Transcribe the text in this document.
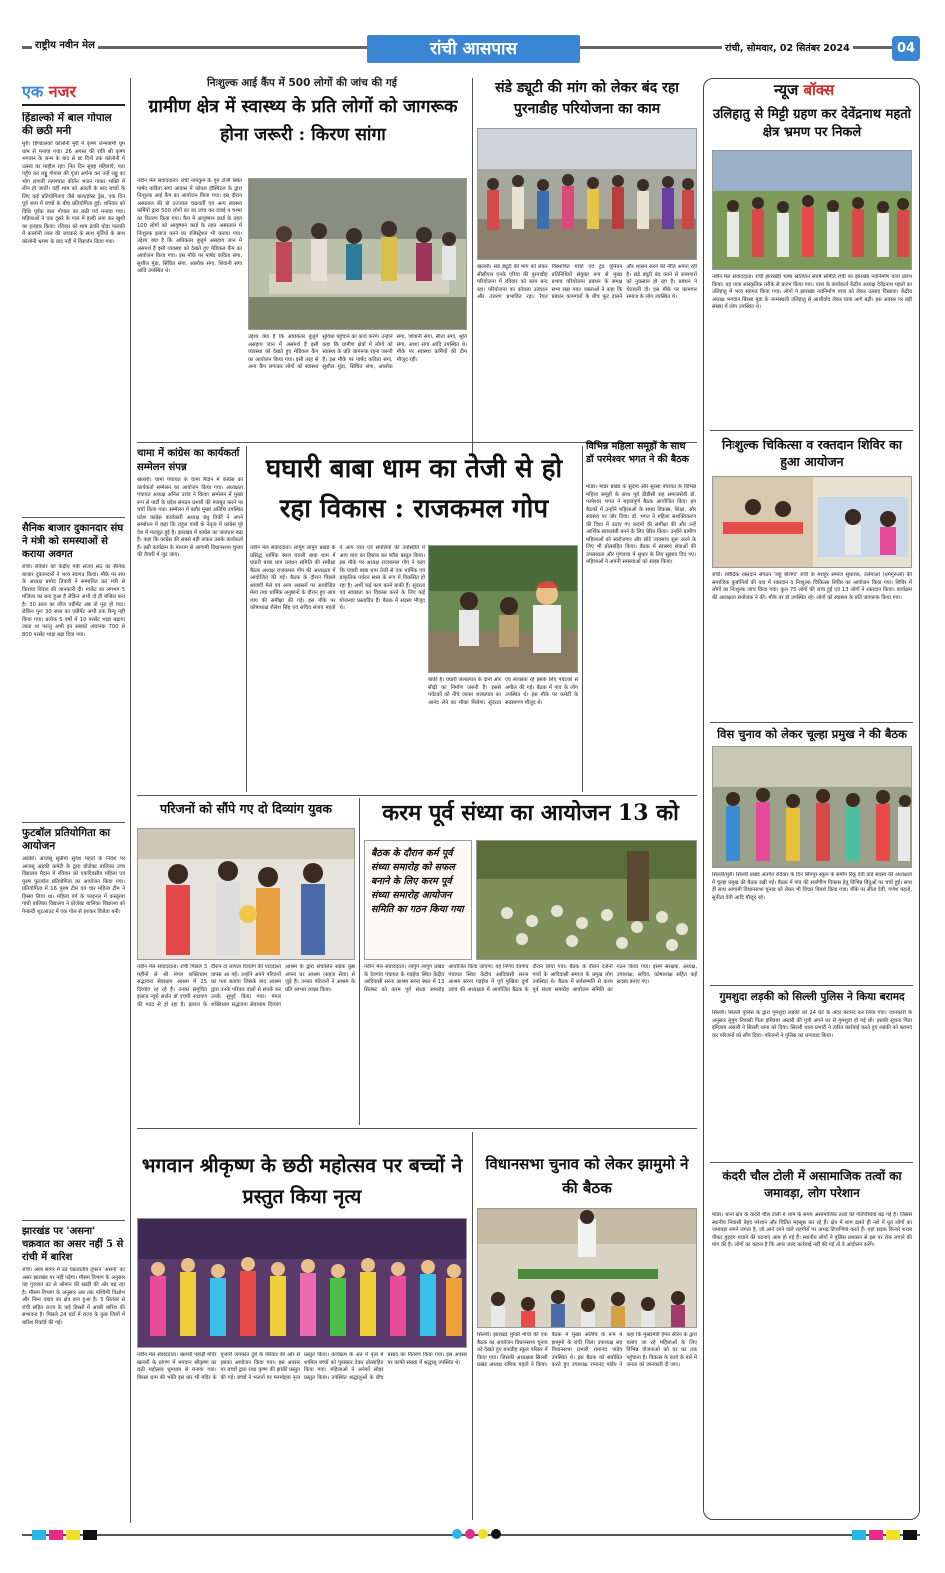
राष्ट्रीय नवीन मेल	रांची आसपास	रांची, सोमवार, 02 सितंबर 2024	04
एक नजर
हिंडाल्को में बाल गोपाल की छठी मनी
मुरी। हिण्डालको कोलोनी मुरी में कृष्ण जन्माष्टमी धूम धाम से मनाया गया। 26 अगस्त की रात्रि श्री कृष्ण भगवान के जन्म के बाद से छः दिनों तक कोलोनी में उत्सव का माहौल रहा। नित दिन सुबह महिलाएँ, पता पहुँच कर लड्डू गोपाल की पूजा अर्चना कर उन्हें लड्डू का भोग लगातीं तत्पश्चात कीर्तन भजन गाकर भक्ति में लीन हो जातीं। वहीं शाम को आरती के बाद बच्चों के लिए कई प्रतियोगिताएं जैसे बाल/होस्ट ड्रेस, एक दिन पूर्व शाम में बच्चों के बीच प्रतियोगिता हुई। शनिवार को विधि पूर्वक बाल गोपाल का छठी पर्व मनाया गया। महिलाओं ने एक दूसरे के गाल में हल्दी लगा कर खुशी का इजहार किया। रविवार को शाम ढाकी थोड़ा पालकी में कालोनी लाल की जयकारे के साथ मूर्तियों के साथ कोलोनी भ्रमण के बाद नदी में विसर्जन किया गया।
सैनिक बाजार दुकानदार संघ ने मंत्री को समस्याओं से कराया अवगत
रांची। रविवार को केंद्रीय मंत्री संजय सेठ का सैनिक बाजार दुकानदारों ने भव्य स्वागत किया। मौके पर संघ के अध्यक्ष प्रमोद तिवारी ने सम्मानित कर मंत्री से किराया विवाद की जानकारी दी। मार्केट का लगभग 5 मंजिला का बना हुआ है लेकिन अभी दो ही मंजिल बना है। 30 साल का लीज एग्रीमेंट अब तो पूरा हो गया। लेकिन पुनः 30 साल का एग्रीमेंट अभी तक रिन्यू नहीं किया गया। प्रत्येक 5 वर्षों में 10 परसेंट भाड़ा बढ़ाया जाता था परन्तु अभी इन सबको अचानक 700 से 800 परसेंट भाड़ा बढ़ा दिया गया।
फुटबॉल प्रतियोगिता का आयोजन
अड़की। आजसू सुप्रीमो सुदेश महतो के निर्देश पर आजसू अड़की कमेटी के द्वारा प्रोजेक्ट बालिका उच्च विद्यालय मैदान में रविवार को एकदिवसीय महिला एवं पुरुष फुटबॉल प्रतियोगिता का आयोजन किया गया। प्रतियोगिता में 16 पुरुष टीम एवं चार महिला टीम ने हिस्सा लिया था। महिला वर्ग के फाइनल में कस्तूरबा गांधी बालिका विद्यालय ने प्रोजेक्ट बालिका विद्यालय को पेनाल्टी शूटआउट में एक गोल से हराकर विजेता बनी।
झारखंड पर 'असना' चक्रवात का असर नहीं 5 से रांची में बारिश
रांची। अरब सागर में उठे चक्रवातीय तूफान 'असना' का असर झारखंड पर नहीं पड़ेगा। मौसम विभाग के अनुसार यह गुजरात तट से ओमान की खाड़ी की ओर बढ़ रहा है। मौसम विभाग के अनुसार अब तक पश्चिमी विक्षोभ और निम्न दबाव का क्षेत्र बना हुआ है। 5 सितंबर से रांची सहित राज्य के कई हिस्सों में अच्छी बारिश की संभावना है। पिछले 24 घंटों में राज्य के कुछ जिलों में बारिश रिकॉर्ड की गई।
निःशुल्क आई कैंप में 500 लोगों की जांच की गई
ग्रामीण क्षेत्र में स्वास्थ्य के प्रति लोगों को जागरूक होना जरूरी : किरण सांगा
नवीन मेल संवाददाता। रांची नामकुम के गुरु टोली स्थित पार्षद कविता संगा आवास में कोयल हॉस्पिटल के द्वारा निःशुल्क आई कैंप का आयोजन किया गया। इस दौरान अस्पताल की डॉ उज्ज्वल चक्रवर्ती एवं अन्य स्वास्थ्य कर्मियों द्वारा 500 लोगों का का जांच कर दवाई व चश्मा का वितरण किया गया। कैंप में आयुष्मान कार्ड के तहत 100 लोगों को आयुष्मान कार्ड के तहत अस्पताल में निःशुल्क इलाज करने का रजिस्ट्रेशन भी कराया गया। उद्देश्य क्या है कि अधिकतर बुजुर्ग असहाय जान में असमर्थ हैं इसी व्यवस्था को देखते हुए मेडिकल कैंप का आयोजन किया गया। इस मौके पर पार्षद कविता संगा, सुशील मुंडा, सिंचित संगा, आलोक संगा, शिवानी संगा आदि उपस्थित थे।
उद्देश्य क्या है कि अधिकतर बुजुर्ग असहाय जान में असमर्थ हैं इसी व्यवस्था को देखते हुए मेडिकल कैंप का आयोजन किया गया। इसी तरह से अन्य कैंप लगाकर लोगों को स्वास्थ्य सुविधा पहुंचाने का कार्य करेंगे। उन्होंने कहा कि ग्रामीण क्षेत्रों में लोगों को स्वास्थ्य के प्रति जागरूक रहना जरूरी है। इस मौके पर पार्षद कविता संगा, सुशील मुंडा, सिंचित संगा, आलोक संगा, शिवानी संगा, सीता संगा, श्रुति संगा, आशा संगा आदि उपस्थित थे। मौके पर स्वास्थ्य कर्मियों की टीम मौजूद रही।
संडे ड्यूटी की मांग को लेकर बंद रहा पुरनाडीह परियोजना का काम
खलारी। संडे ड्यूटी की मांग को लेकर सीसीएल एनके एरिया की पुरनाडीह परियोजना में रविवार को काम बन्द रहा। परियोजना का कोयला उत्पादन और उत्तरण प्रभावित रहा। रैयत विस्थापित मोर्चा एवं ट्रेड यूनियन प्रतिनिधियों संयुक्त रूप से मुख्य प्रभाव परियोजना प्रबंधन के समक्ष सभा रखा गया। वक्ताओं ने कहा कि प्रबंधन कामगारों के बीच फूट डालने और शासन करने की नीति अपना रही है। संडे ड्यूटी बंद करने से कामगारों को नुकसान हो रहा है। प्रबंधन ने चेतावनी दी। इस मौके पर कामगार समाज के लोग उपस्थित थे।
चामा में कांग्रेस का कार्यकर्ता सम्मेलन संपन्न
खलारी। चामा पंचायत के चामा मैदान में कांग्रेस का कार्यकर्ता सम्मेलन का आयोजन किया गया। अध्यक्षता पंचायत अध्यक्ष अनिल उरांव ने किया। सम्मेलन में मुख्य रूप से पार्टी के प्रदेश संगठन प्रभारी की मजबूत करने पर चर्चा किया गया। सम्मेलन में बतौर मुख्य अतिथि उपस्थित प्रदेश कांग्रेस कार्यकारी अध्यक्ष बंधु तिर्की ने अपने सम्बोधन में कहा कि राहुल गांधी के नेतृत्व में कांग्रेस पूरे देश में मजबूत हुई है। झारखंड में कांग्रेस का जनाधार बढ़ा है। कहा कि कांग्रेस की सबसे बड़ी ताकत उसके कार्यकर्ता हैं। इसी कार्यक्रम के माध्यम से आगामी विधानसभा चुनाव की तैयारी में जुट जाएं।
घघारी बाबा धाम का तेजी से हो रहा विकास : राजकमल गोप
नवीन मेल संवाददाता। लापुंग लापुंग प्रखंड के प्रसिद्ध धार्मिक स्थल घघारी बाबा धाम में घघारी बाबा धाम प्रबंधन समिति की समीक्षा बैठक अध्यक्ष राजकमल गोप की अध्यक्षता में आयोजित की गई। बैठक के दौरान पिछले श्रावणी मेले एवं अन्य अवसरों पर आयोजित मेला तथा धार्मिक अनुष्ठानों के दौरान हुए आय व्यय की समीक्षा की गई। इस मौके पर कोषाध्यक्ष शैलेश सिंह एवं सचिव संजय महतो ने आय व्यय एवं संपत्तियों की उपस्थिति में आय व्यय का हिसाब कर ब्यौरा प्रस्तुत किया। इस मौके पर अध्यक्ष राजकमल गोप ने कहा कि घघारी बाबा धाम तेजी से एक धार्मिक एवं प्राकृतिक पर्यटन स्थल के रूप में विकसित हो रहा है। अभी कई काम करने बाकी हैं। सुंदरता एवं स्वच्छता का विकास करने के लिए कई योजनाएं प्रस्तावित हैं। बैठक में सदस्य मौजूद थे।
बाकी हैं। घघारी जलप्रपात के दोनों ओर सीढ़ी का निर्माण जरूरी है। इससे पर्यटकों को नीचे जाकर जलप्रपात का आनंद लेने का मौका मिलेगा। सुंदरता एवं स्वच्छता रहे इसके लिए पर्यटकों से अपील की गई। बैठक में गांव के लोग उपस्थित थे। इस मौके पर कमेटी के सदस्यगण मौजूद थे।
विभिन्न महिला समूहों के साथ डॉ परमेश्वर भगत ने की बैठक
मांडर। मांडर प्रखंड के सुदमा और सुरसा पंचायत के विभिन्न महिला समूहों के साथ पूर्व डीडीसी सह समाजसेवी डॉ. परमेश्वर भगत ने महत्वपूर्ण बैठक आयोजित किए। इन बैठकों में उन्होंने महिलाओं के समग्र विकास, शिक्षा, और स्वास्थ्य पर जोर दिया। डॉ. भगत ने महिला सशक्तिकरण की दिशा में उठाए गए कदमों की समीक्षा की और उन्हें आर्थिक स्वावलंबी बनने के लिए प्रेरित किया। उन्होंने ग्रामीण महिलाओं को स्वरोजगार और छोटे व्यवसाय शुरू करने के लिए भी प्रोत्साहित किया। बैठक में स्वास्थ्य सेवाओं की उपलब्धता और गुणवत्ता में सुधार के लिए सुझाव दिए गए। महिलाओं ने अपनी समस्याओं को साझा किया।
परिजनों को सौंपे गए दो दिव्यांग युवक
नवीन मेल संवाददाता। रांची पिछले 3 महीनों से श्री मंगल शक्तिधाम सद्भावना सेवाधाम आश्रम में 25 दिव्यांग रह रहे हैं। उनका समुचित इलाज न्यूरो सर्जन डॉ एचपी नारायण की मदद से हो रहा है। इलाज के दौरान दो लापता दिव्यांग की याददाश्त वापस आ गई। उन्होंने अपने परिजनों का पता बताया जिसके बाद आश्रम द्वारा उनके परिवार वालों से संपर्क कर उनके सुपुर्द किया गया। मंगल शक्तिधाम सद्भावना सेवाधाम दिव्यांग आश्रम के द्वारा संचालित सड़क कुष्ठ अपना घर आश्रम (सहज सेवा) से जुड़े हैं। उनका परिजनों ने आश्रम के प्रति आभार व्यक्त किया।
करम पूर्व संध्या का आयोजन 13 को
बैठक के दौरान कर्म पूर्व संध्या समारोह को सफल बनाने के लिए करम पूर्व संध्या समारोह आयोजन समिति का गठन किया गया
नवीन मेल संवाददाता। लापुंग लापुंग प्रखंड के देवगांव पंचायत के गड़ईया स्थित केंद्रीय आदिवासी सरना आश्रम सरना स्थल में 13 सितंबर को करम पूर्व संध्या समारोह आयोजित किया जाएगा। यह निर्णय देवगांव पंचायत स्थित केंद्रीय आदिवासी सरना आश्रम सरना गड़ईया में पूर्व मुखिया दुर्गा उरांव की अध्यक्षता में आयोजित बैठक के दौरान लिया गया। बैठक के दौरान दर्जनों गांवों के आदिवासी समाज के प्रमुख लोग उपस्थित थे। बैठक में सर्वसम्मति से करम पूर्व संध्या समारोह आयोजन समिति का गठन किया गया। इसमें संरक्षक, अध्यक्ष, उपाध्यक्ष, सचिव, कोषाध्यक्ष सहित कई सदस्य बनाए गए।
भगवान श्रीकृष्ण के छठी महोत्सव पर बच्चों ने प्रस्तुत किया नृत्य
नवीन मेल संवाददाता। खलारी पहाड़ी मंदिर खलारी के प्रांगण में भगवान श्रीकृष्ण का छठी महोत्सव धूमधाम से मनाया गया। बिरसा धाम की भांति इस बार भी मंदिर के पुजारी जयकांत दुबे के परिवार की ओर से इसका आयोजन किया गया। इस अवसर पर बच्चों द्वारा राधा कृष्ण की झांकी प्रस्तुत की गई। बच्चों ने भजनों पर मनमोहक नृत्य प्रस्तुत किया। कार्यक्रम के अंत में नृत्य में शामिल बच्चों को पुरस्कार देकर प्रोत्साहित किया गया। महिलाओं ने अनेकों सोहर प्रस्तुत किया। उपस्थित श्रद्धालुओं के बीच प्रसाद का वितरण किया गया। इस अवसर पर काफी संख्या में श्रद्धालु उपस्थित थे।
विधानसभा चुनाव को लेकर झामुमो ने की बैठक
सिल्ली। झारखंड मुक्ति मोर्चा की एक बैठक का आयोजन विधानसभा चुनाव को देखते हुए बनाडीह स्कूल परिसर में किया गया। जिसकी अध्यक्षता सिल्ली प्रखंड अध्यक्ष रामिक महतो ने किया। बैठक में मुख्य अतिथि के रूप में झामुमो के रांची जिला उपाध्यक्ष सह विधानसभा प्रभारी रामानंद पांडेय उपस्थित थे। इस बैठक को संबोधित करते हुए उपाध्यक्ष रामानंद पांडेय ने कहा कि मुख्यमंत्री हेमंत सोरेन के द्वारा चलाए जा रहे महिलाओं के लिए विभिन्न योजनाओं को घर घर तक पहुंचाना है। विकास के कार्य के बारे में जनता को जानकारी दी जाए।
न्यूज बॉक्स
उलिहातु से मिट्टी ग्रहण कर देवेंद्रनाथ महतो क्षेत्र भ्रमण पर निकले
नवीन मेल संवाददाता। रांची झारखंडी भाषा खतियान संघर्ष समिति रांची का झारखंड नवनिर्माण यात्रा प्रारंभ किया। यह यात्रा सांस्कृतिक तरीके से प्रारंभ किया गया। यात्रा के कार्यकर्ता केंद्रीय अध्यक्ष देवेंद्रनाथ महतो का उलिहातु में भव्य स्वागत किया गया। लोगों ने झारखंड नवनिर्माण यात्रा को लेकर उत्साह दिखाया। केंद्रीय अध्यक्ष भगवान बिरसा मुंडा के जन्मस्थली उलिहातु से आशीर्वाद लेकर यात्रा आगे बढ़ी। इस अवसर पर बड़ी संख्या में लोग उपस्थित थे।
निःशुल्क चिकित्सा व रक्तदान शिविर का हुआ आयोजन
रांची। रबींद्रिक रक्तदान संगठन 'लहू बोलेगा' रांची के मशहूर समाज सुधारक, उलेमाओं (धर्मगुरुओं) की समाजिक कुर्बानियों की याद में रक्तदान व निःशुल्क चिकित्सा शिविर का आयोजन किया गया। शिविर में लोगों का निःशुल्क जांच किया गया। कुल 75 लोगों की जांच हुई एवं 13 लोगों ने रक्तदान किया। कार्यक्रम की अध्यक्षता संयोजक ने की। मौके पर डॉ उपस्थित रहे। लोगों को स्वास्थ्य के प्रति जागरूक किया गया।
विस चुनाव को लेकर चूल्हा प्रमुख ने की बैठक
सिल्ली/मुरी। सिल्ली प्रखंड अंतर्गत रविवार के दिन सिंगपुर स्कूल के समीप रिंकू देवी वार्ड सदस्य की अध्यक्षता में चूल्हा प्रमुख की बैठक रखी गई। बैठक में गांव की सर्वांगीण विकास हेतु विभिन्न बिंदुओं पर चर्चा हुई। साथ ही साथ आगामी विधानसभा चुनाव को लेकर भी विचार विमर्श किया गया। मौके पर सीता देवी, गणेश महतो, सुनीता देवी आदि मौजूद रहे।
गुमशुदा लड़की को सिल्ली पुलिस ने किया बरामद
सिल्ली। सिल्ली पुलिस के द्वारा गुमशुदा लड़की को 24 घंटे के अंदर बरामद कर लिया गया। जानकारी के अनुसार लुपुंग निवासी पिता इमित्राम अंसारी की पुत्री अपने घर से गुमशुदा हो गई थी। इसकी सूचना पिता इमित्राम अंसारी ने सिल्ली थाना को दिया। सिल्ली थाना प्रभारी ने त्वरित कार्रवाई करते हुए लड़की को बरामद कर परिजनों को सौंप दिया। परिजनों ने पुलिस का धन्यवाद किया।
कंदरी चौल टोली में असामाजिक तत्वों का जमावड़ा, लोग परेशान
मांडर। थाना क्षेत्र के कंदरी चौल टोली में शाम के समय असामाजिक तत्वों की गतिविधियां बढ़ गई हैं। जिससे स्थानीय निवासी बेहद परेशान और चिंतित महसूस कर रहे हैं। क्षेत्र में शाम ढलते ही नशे में धुत लोगों का जमावड़ा लगने लगता है, जो आने जाने वाले राहगीरों पर अभद्र टिप्पणियां करते हैं। यहां सड़क किनारे शराब पीकर हुड़दंग मचाने की घटनाएं आम हो गई हैं। स्थानीय लोगों ने पुलिस प्रशासन से इस पर रोक लगाने की मांग की है। लोगों का कहना है कि अगर जल्द कार्रवाई नहीं की गई तो वे आंदोलन करेंगे।
